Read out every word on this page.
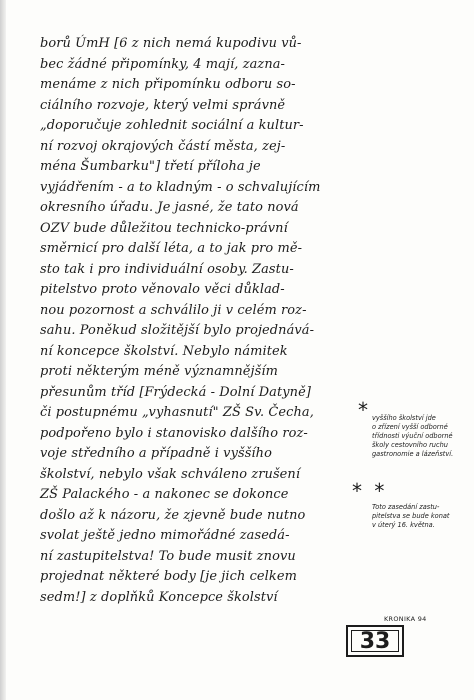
borů ÚmH [6 z nich nemá kupodivu vů-
bec žádné připomínky, 4 mají, zazna-
menáme z nich připomínku odboru so-
ciálního rozvoje, který velmi správně
„doporučuje zohlednit sociální a kultur-
ní rozvoj okrajových částí města, zej-
ména Šumbarku"] třetí příloha je
vyjádřením - a to kladným - o schvalujícím
okresního úřadu. Je jasné, že tato nová
OZV bude důležitou technicko-právní
směrnicí pro další léta, a to jak pro mě-
sto tak i pro individuální osoby. Zastu-
pitelstvo proto věnovalo věci důklad-
nou pozornost a schválilo ji v celém roz-
sahu. Poněkud složitější bylo projednává-
ní koncepce školství. Nebylo námitek
proti některým méně významnějším
přesunům tříd [Frýdecká - Dolní Datyně]
či postupnému „vyhasnutí" ZŠ Sv. Čecha,
podpořeno bylo i stanovisko dalšího roz-
voje středního a případně i vyššího
školství, nebylo však schváleno zrušení
ZŠ Palackého - a nakonec se dokonce
došlo až k názoru, že zjevně bude nutno
svolat ještě jedno mimořádné zasedá-
ní zastupitelstva! To bude musit znovu
projednat některé body [je jich celkem
sedm!] z doplňků Koncepce školství
* vyššího školství jde
o zřízení vyšší odborné
třídnosti výuční odborné
školy cestovního ruchu
gastronomie a lázeňství.
* *
Toto zasedání zastu-
pitelstva se bude konat
v úterý 16. května.
KRONIKA 94
33
